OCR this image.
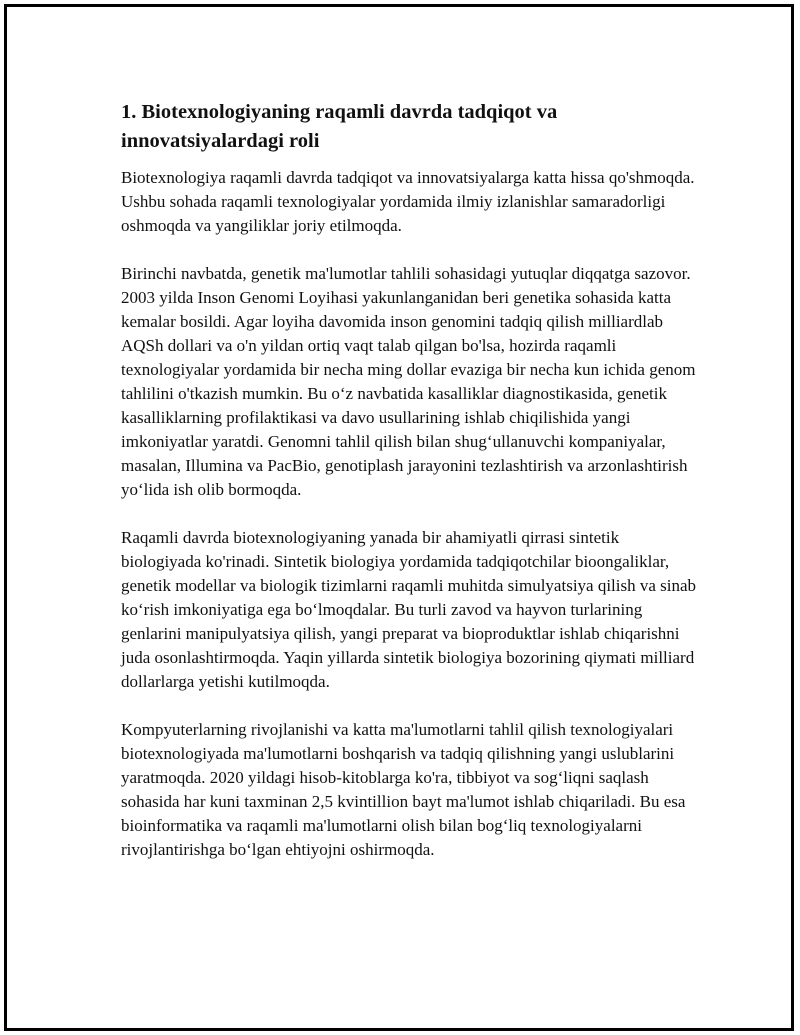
1. Biotexnologiyaning raqamli davrda tadqiqot va innovatsiyalardagi roli

Biotexnologiya raqamli davrda tadqiqot va innovatsiyalarga katta hissa qo'shmoqda. Ushbu sohada raqamli texnologiyalar yordamida ilmiy izlanishlar samaradorligi oshmoqda va yangiliklar joriy etilmoqda.

Birinchi navbatda, genetik ma'lumotlar tahlili sohasidagi yutuqlar diqqatga sazovor. 2003 yilda Inson Genomi Loyihasi yakunlanganidan beri genetika sohasida katta kemalar bosildi. Agar loyiha davomida inson genomini tadqiq qilish milliardlab AQSh dollari va o'n yildan ortiq vaqt talab qilgan bo'lsa, hozirda raqamli texnologiyalar yordamida bir necha ming dollar evaziga bir necha kun ichida genom tahlilini o'tkazish mumkin. Bu o‘z navbatida kasalliklar diagnostikasida, genetik kasalliklarning profilaktikasi va davo usullarining ishlab chiqilishida yangi imkoniyatlar yaratdi. Genomni tahlil qilish bilan shug‘ullanuvchi kompaniyalar, masalan, Illumina va PacBio, genotiplash jarayonini tezlashtirish va arzonlashtirish yo‘lida ish olib bormoqda.

Raqamli davrda biotexnologiyaning yanada bir ahamiyatli qirrasi sintetik biologiyada ko'rinadi. Sintetik biologiya yordamida tadqiqotchilar bioongaliklar, genetik modellar va biologik tizimlarni raqamli muhitda simulyatsiya qilish va sinab ko‘rish imkoniyatiga ega bo‘lmoqdalar. Bu turli zavod va hayvon turlarining genlarini manipulyatsiya qilish, yangi preparat va bioproduktlar ishlab chiqarishni juda osonlashtirmoqda. Yaqin yillarda sintetik biologiya bozorining qiymati milliard dollarlarga yetishi kutilmoqda.

Kompyuterlarning rivojlanishi va katta ma'lumotlarni tahlil qilish texnologiyalari biotexnologiyada ma'lumotlarni boshqarish va tadqiq qilishning yangi uslublarini yaratmoqda. 2020 yildagi hisob-kitoblarga ko'ra, tibbiyot va sog‘liqni saqlash sohasida har kuni taxminan 2,5 kvintillion bayt ma'lumot ishlab chiqariladi. Bu esa bioinformatika va raqamli ma'lumotlarni olish bilan bog‘liq texnologiyalarni rivojlantirishga bo‘lgan ehtiyojni oshirmoqda.
